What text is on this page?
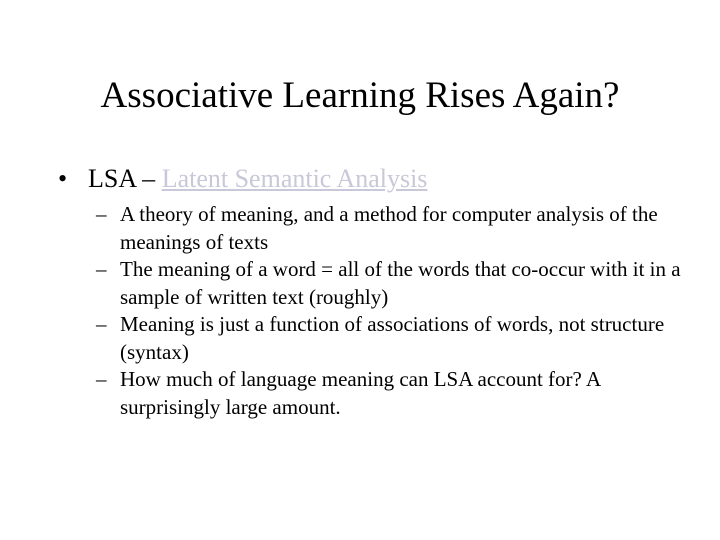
Associative Learning Rises Again?
• LSA – Latent Semantic Analysis
– A theory of meaning, and a method for computer analysis of the meanings of texts
– The meaning of a word = all of the words that co-occur with it in a sample of written text (roughly)
– Meaning is just a function of associations of words, not structure (syntax)
– How much of language meaning can LSA account for? A surprisingly large amount.
